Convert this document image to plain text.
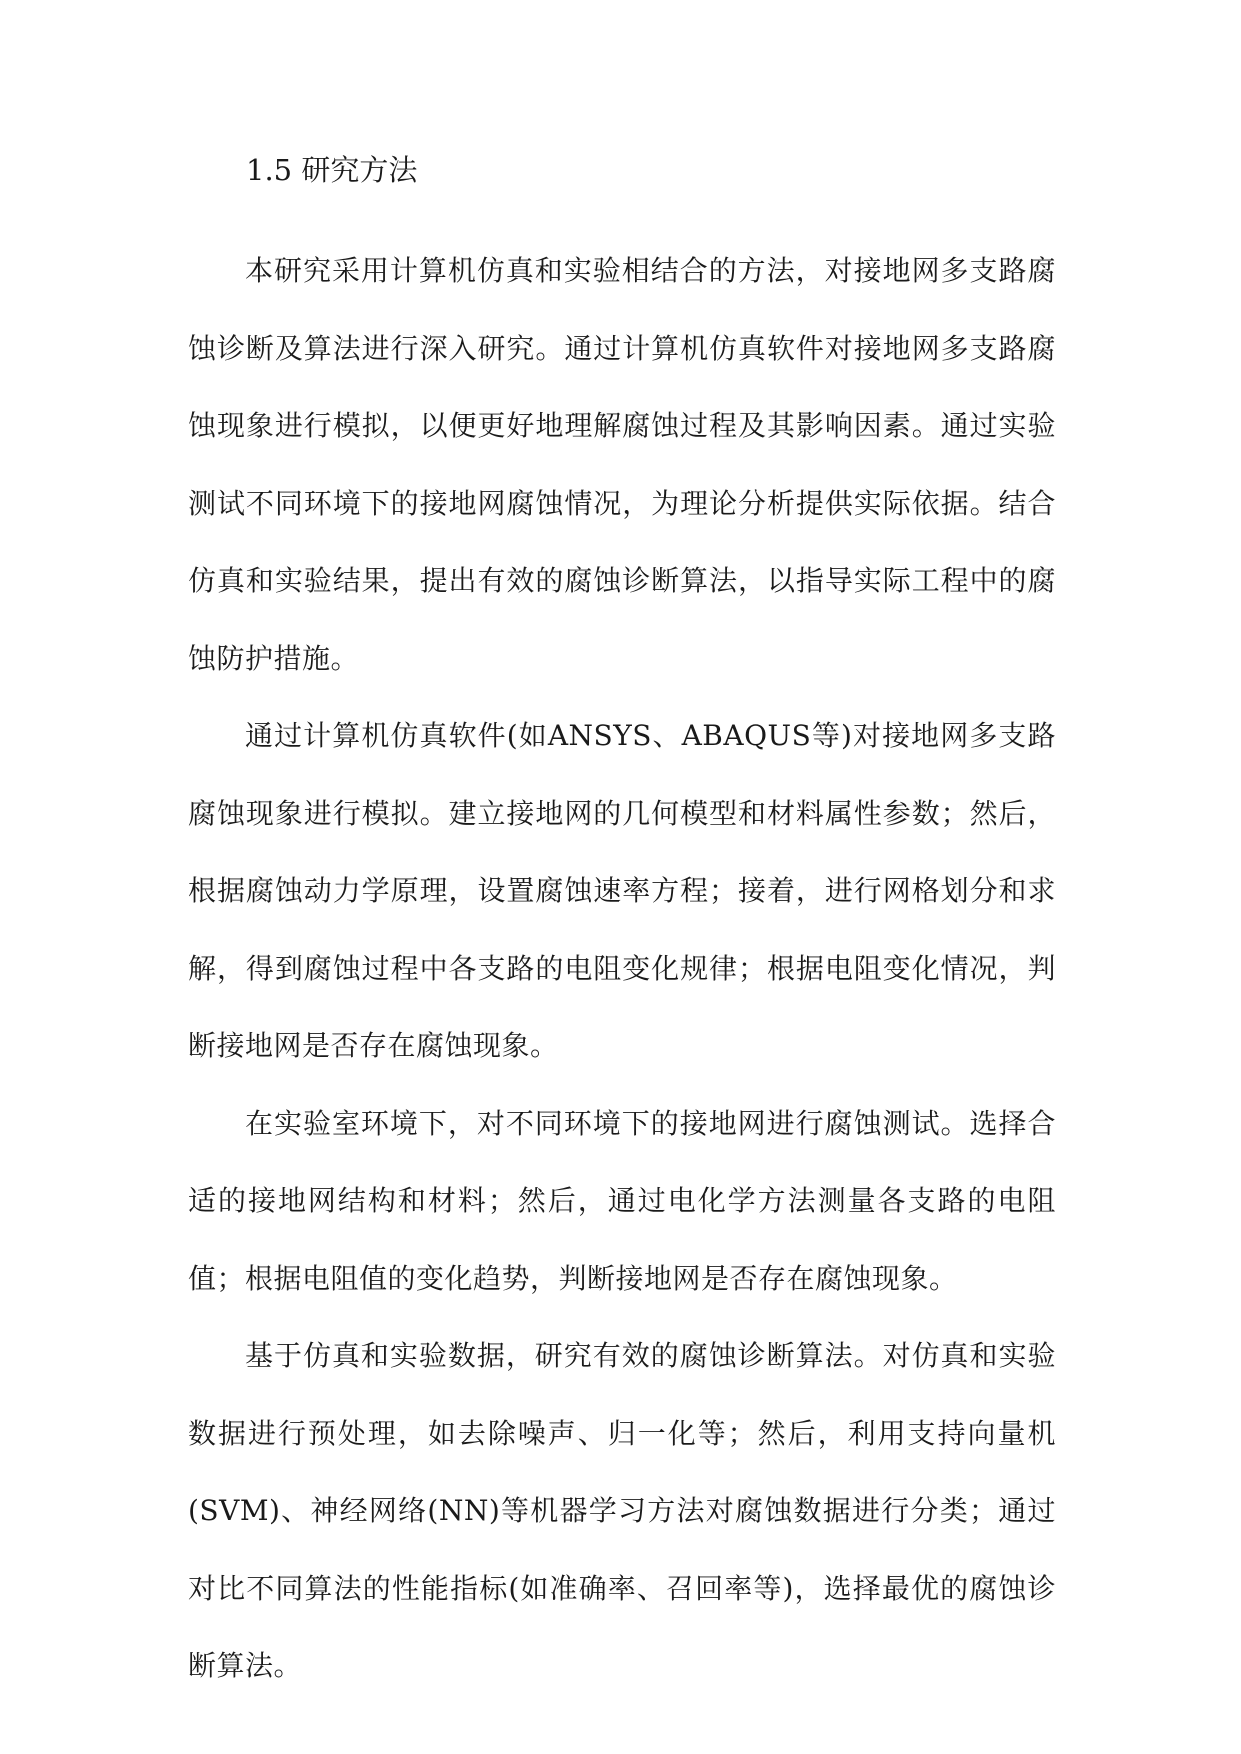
1.5 研究方法

本研究采用计算机仿真和实验相结合的方法，对接地网多支路腐蚀诊断及算法进行深入研究。通过计算机仿真软件对接地网多支路腐蚀现象进行模拟，以便更好地理解腐蚀过程及其影响因素。通过实验测试不同环境下的接地网腐蚀情况，为理论分析提供实际依据。结合仿真和实验结果，提出有效的腐蚀诊断算法，以指导实际工程中的腐蚀防护措施。

通过计算机仿真软件(如ANSYS、ABAQUS等)对接地网多支路腐蚀现象进行模拟。建立接地网的几何模型和材料属性参数；然后，根据腐蚀动力学原理，设置腐蚀速率方程；接着，进行网格划分和求解，得到腐蚀过程中各支路的电阻变化规律；根据电阻变化情况，判断接地网是否存在腐蚀现象。

在实验室环境下，对不同环境下的接地网进行腐蚀测试。选择合适的接地网结构和材料；然后，通过电化学方法测量各支路的电阻值；根据电阻值的变化趋势，判断接地网是否存在腐蚀现象。

基于仿真和实验数据，研究有效的腐蚀诊断算法。对仿真和实验数据进行预处理，如去除噪声、归一化等；然后，利用支持向量机(SVM)、神经网络(NN)等机器学习方法对腐蚀数据进行分类；通过对比不同算法的性能指标(如准确率、召回率等)，选择最优的腐蚀诊断算法。
